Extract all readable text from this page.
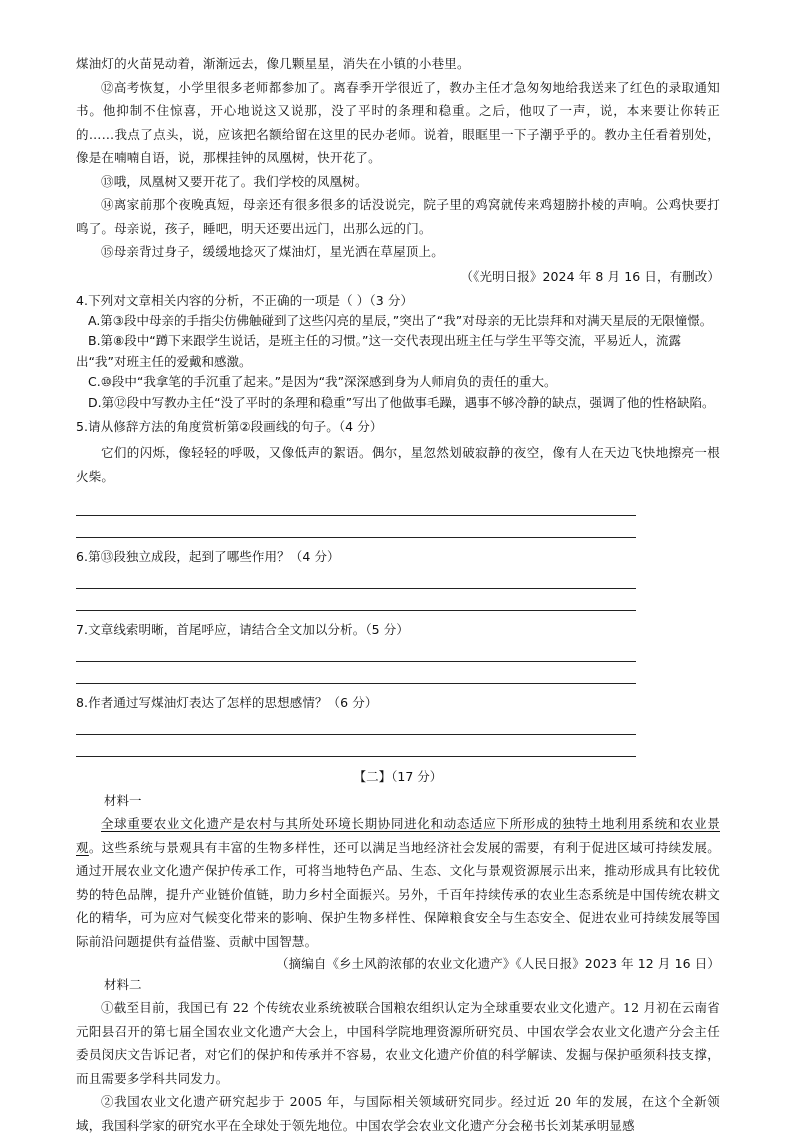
煤油灯的火苗晃动着，渐渐远去，像几颗星星，消失在小镇的小巷里。

⑫高考恢复，小学里很多老师都参加了。离春季开学很近了，教办主任才急匆匆地给我送来了红色的录取通知书。他抑制不住惊喜，开心地说这又说那，没了平时的条理和稳重。之后，他叹了一声，说，本来要让你转正的……我点了点头，说，应该把名额给留在这里的民办老师。说着，眼眶里一下子潮乎乎的。教办主任看着别处，像是在喃喃自语，说，那棵挂钟的凤凰树，快开花了。

⑬哦，凤凰树又要开花了。我们学校的凤凰树。

⑭离家前那个夜晚真短，母亲还有很多很多的话没说完，院子里的鸡窝就传来鸡翅膀扑棱的声响。公鸡快要打鸣了。母亲说，孩子，睡吧，明天还要出远门，出那么远的门。

⑮母亲背过身子，缓缓地捻灭了煤油灯，星光洒在草屋顶上。

（《光明日报》2024 年 8 月 16 日，有删改）

4.下列对文章相关内容的分析，不正确的一项是（ ）（3 分）

A.第③段中母亲的手指尖仿佛触碰到了这些闪亮的星辰，”突出了“我”对母亲的无比崇拜和对满天星辰的无限憧憬。

B.第⑧段中“蹲下来跟学生说话，是班主任的习惯。”这一交代表现出班主任与学生平等交流，平易近人，流露出“我”对班主任的爱戴和感激。

C.⑩段中“我拿笔的手沉重了起来。”是因为“我”深深感到身为人师肩负的责任的重大。

D.第⑫段中写教办主任“没了平时的条理和稳重”写出了他做事毛躁，遇事不够冷静的缺点，强调了他的性格缺陷。

5.请从修辞方法的角度赏析第②段画线的句子。（4 分）

它们的闪烁，像轻轻的呼吸，又像低声的絮语。偶尔，星忽然划破寂静的夜空，像有人在天边飞快地擦亮一根火柴。

6.第⑬段独立成段，起到了哪些作用？（4 分）

7.文章线索明晰，首尾呼应，请结合全文加以分析。（5 分）

8.作者通过写煤油灯表达了怎样的思想感情？（6 分）

【二】（17 分）

材料一

全球重要农业文化遗产是农村与其所处环境长期协同进化和动态适应下所形成的独特土地利用系统和农业景观。这些系统与景观具有丰富的生物多样性，还可以满足当地经济社会发展的需要，有利于促进区域可持续发展。通过开展农业文化遗产保护传承工作，可将当地特色产品、生态、文化与景观资源展示出来，推动形成具有比较优势的特色品牌，提升产业链价值链，助力乡村全面振兴。另外，千百年持续传承的农业生态系统是中国传统农耕文化的精华，可为应对气候变化带来的影响、保护生物多样性、保障粮食安全与生态安全、促进农业可持续发展等国际前沿问题提供有益借鉴、贡献中国智慧。

（摘编自《乡土风韵浓郁的农业文化遗产》《人民日报》2023 年 12 月 16 日）

材料二

①截至目前，我国已有 22 个传统农业系统被联合国粮农组织认定为全球重要农业文化遗产。12 月初在云南省元阳县召开的第七届全国农业文化遗产大会上，中国科学院地理资源所研究员、中国农学会农业文化遗产分会主任委员闵庆文告诉记者，对它们的保护和传承并不容易，农业文化遗产价值的科学解读、发掘与保护亟须科技支撑，而且需要多学科共同发力。

②我国农业文化遗产研究起步于 2005 年，与国际相关领域研究同步。经过近 20 年的发展，在这个全新领域，我国科学家的研究水平在全球处于领先地位。中国农学会农业文化遗产分会秘书长刘某承明显感
